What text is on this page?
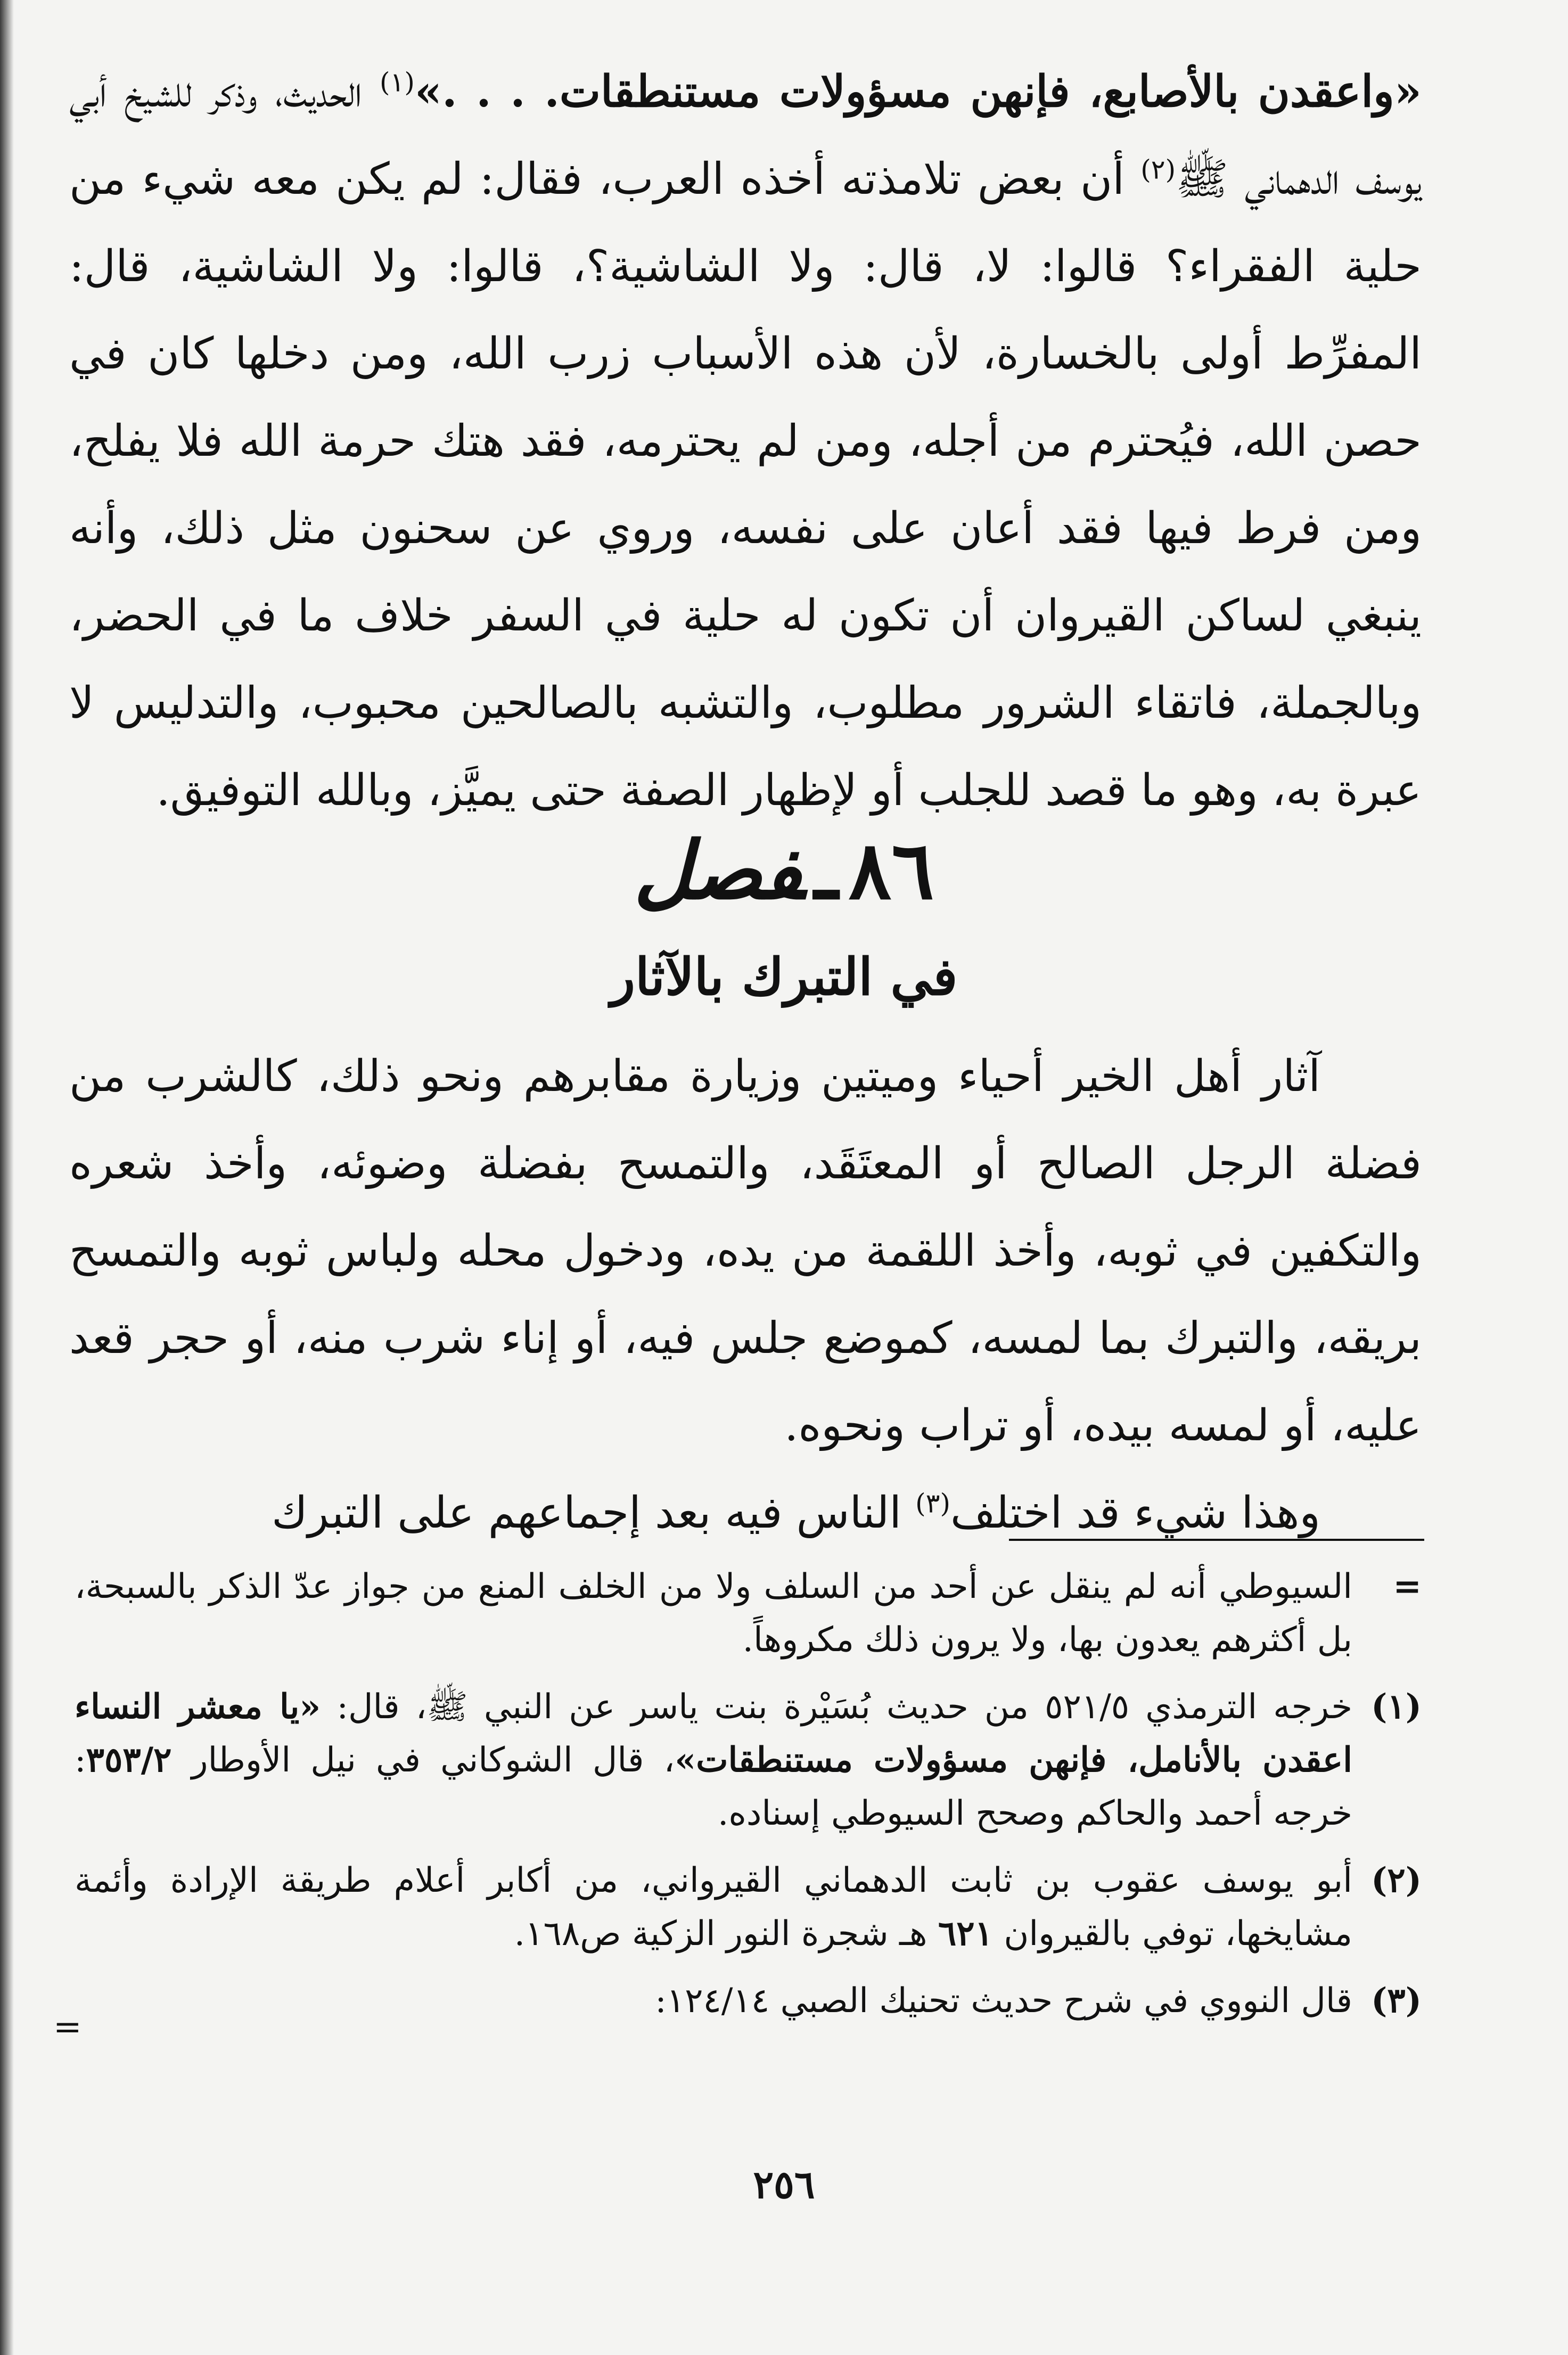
«واعقدن بالأصابع، فإنهن مسؤولات مستنطقات. . . .»$^{(١)}$ الحديث، وذكر للشيخ أبي يوسف الدهماني ﷺ$^{(٢)}$ أن بعض تلامذته أخذه العرب، فقال: لم يكن معه شيء من حلية الفقراء؟ قالوا: لا، قال: ولا الشاشية؟، قالوا: ولا الشاشية، قال: المفرِّط أولى بالخسارة، لأن هذه الأسباب زرب الله، ومن دخلها كان في حصن الله، فيُحترم من أجله، ومن لم يحترمه، فقد هتك حرمة الله فلا يفلح، ومن فرط فيها فقد أعان على نفسه، وروي عن سحنون مثل ذلك، وأنه ينبغي لساكن القيروان أن تكون له حلية في السفر خلاف ما في الحضر، وبالجملة، فاتقاء الشرور مطلوب، والتشبه بالصالحين محبوب، والتدليس لا عبرة به، وهو ما قصد للجلب أو لإظهار الصفة حتى يميَّز، وبالله التوفيق.

٨٦ـفصل
في التبرك بالآثار

آثار أهل الخير أحياء وميتين وزيارة مقابرهم ونحو ذلك، كالشرب من فضلة الرجل الصالح أو المعتَقَد، والتمسح بفضلة وضوئه، وأخذ شعره والتكفين في ثوبه، وأخذ اللقمة من يده، ودخول محله ولباس ثوبه والتمسح بريقه، والتبرك بما لمسه، كموضع جلس فيه، أو إناء شرب منه، أو حجر قعد عليه، أو لمسه بيده، أو تراب ونحوه.

وهذا شيء قد اختلف$^{(٣)}$ الناس فيه بعد إجماعهم على التبرك

=
السيوطي أنه لم ينقل عن أحد من السلف ولا من الخلف المنع من جواز عدّ الذكر بالسبحة، بل أكثرهم يعدون بها، ولا يرون ذلك مكروهاً.
(١)
خرجه الترمذي ٥٢١/٥ من حديث بُسَيْرة بنت ياسر عن النبي ﷺ، قال: «يا معشر النساء اعقدن بالأنامل، فإنهن مسؤولات مستنطقات»، قال الشوكاني في نيل الأوطار ٣٥٣/٢: خرجه أحمد والحاكم وصحح السيوطي إسناده.
(٢)
أبو يوسف عقوب بن ثابت الدهماني القيرواني، من أكابر أعلام طريقة الإرادة وأئمة مشايخها، توفي بالقيروان ٦٢١ هـ شجرة النور الزكية ص١٦٨.
(٣)
قال النووي في شرح حديث تحنيك الصبي ١٢٤/١٤:
=
٢٥٦
